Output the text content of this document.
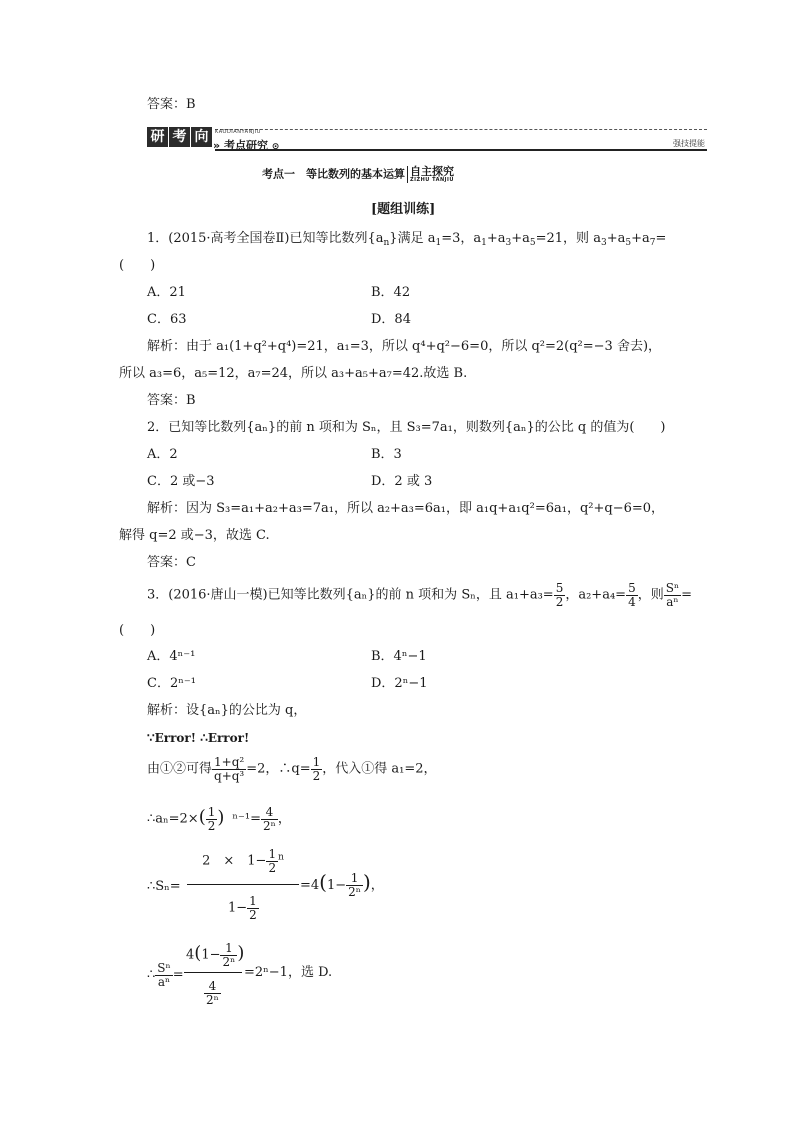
答案：B
研 考 向	KAODIANYANJIU
» 考点研究 ⊙	强技提能
考点一　等比数列的基本运算 自主探究
ZIZHU TANJIU
[题组训练]
1．(2015·高考全国卷Ⅱ)已知等比数列$\{a_n\}$满足 $a_1=3$，$a_1+a_3+a_5=21$，则 $a_3+a_5+a_7=$
(　　)
A．21	B．42
C．63	D．84
解析：由于 a₁(1+q²+q⁴)=21，a₁=3，所以 q⁴+q²−6=0，所以 q²=2(q²=−3 舍去)，
所以 a₃=6，a₅=12，a₇=24，所以 a₃+a₅+a₇=42.故选 B.
答案：B
2．已知等比数列{aₙ}的前 n 项和为 Sₙ，且 S₃=7a₁，则数列{aₙ}的公比 q 的值为(　　)
A．2	B．3
C．2 或−3	D．2 或 3
解析：因为 S₃=a₁+a₂+a₃=7a₁，所以 a₂+a₃=6a₁，即 a₁q+a₁q²=6a₁，q²+q−6=0，
解得 q=2 或−3，故选 C.
答案：C
3．(2016·唐山一模)已知等比数列{aₙ}的前 n 项和为 Sₙ，且 $a_1+a_3= \frac{5}{2}$ ，$a_2+a_4= \frac{5}{4}$ ，则 $\frac{\text{Sⁿ}}{\text{aⁿ}}$ =
(　　)
A．4ⁿ⁻¹	B．4ⁿ−1
C．2ⁿ⁻¹	D．2ⁿ−1
解析：设{aₙ}的公比为 q，
∵Error! ∴Error!
由①②可得 $\frac{\text{1+q²}}{\text{q+q³}} =2$，∴q= $\frac{1}{2}$ ，代入①得 a₁=2，
∴aₙ=2×( $\frac{1}{2}$ ) $^{n-1}= \frac{4}{\text{2ⁿ}}$ ，
∴Sₙ=
2　×　$1- \frac{1}{2} ^n$
$1- \frac{1}{2}$
$=4(1- \frac{1}{\text{2ⁿ}}$ )，
∴ $\frac{\text{Sⁿ}}{\text{aⁿ}}$ =
$4(1- \frac{1}{\text{2ⁿ}}$ )
$\frac{4}{\text{2ⁿ}}$
=2ⁿ−1，选 D.
